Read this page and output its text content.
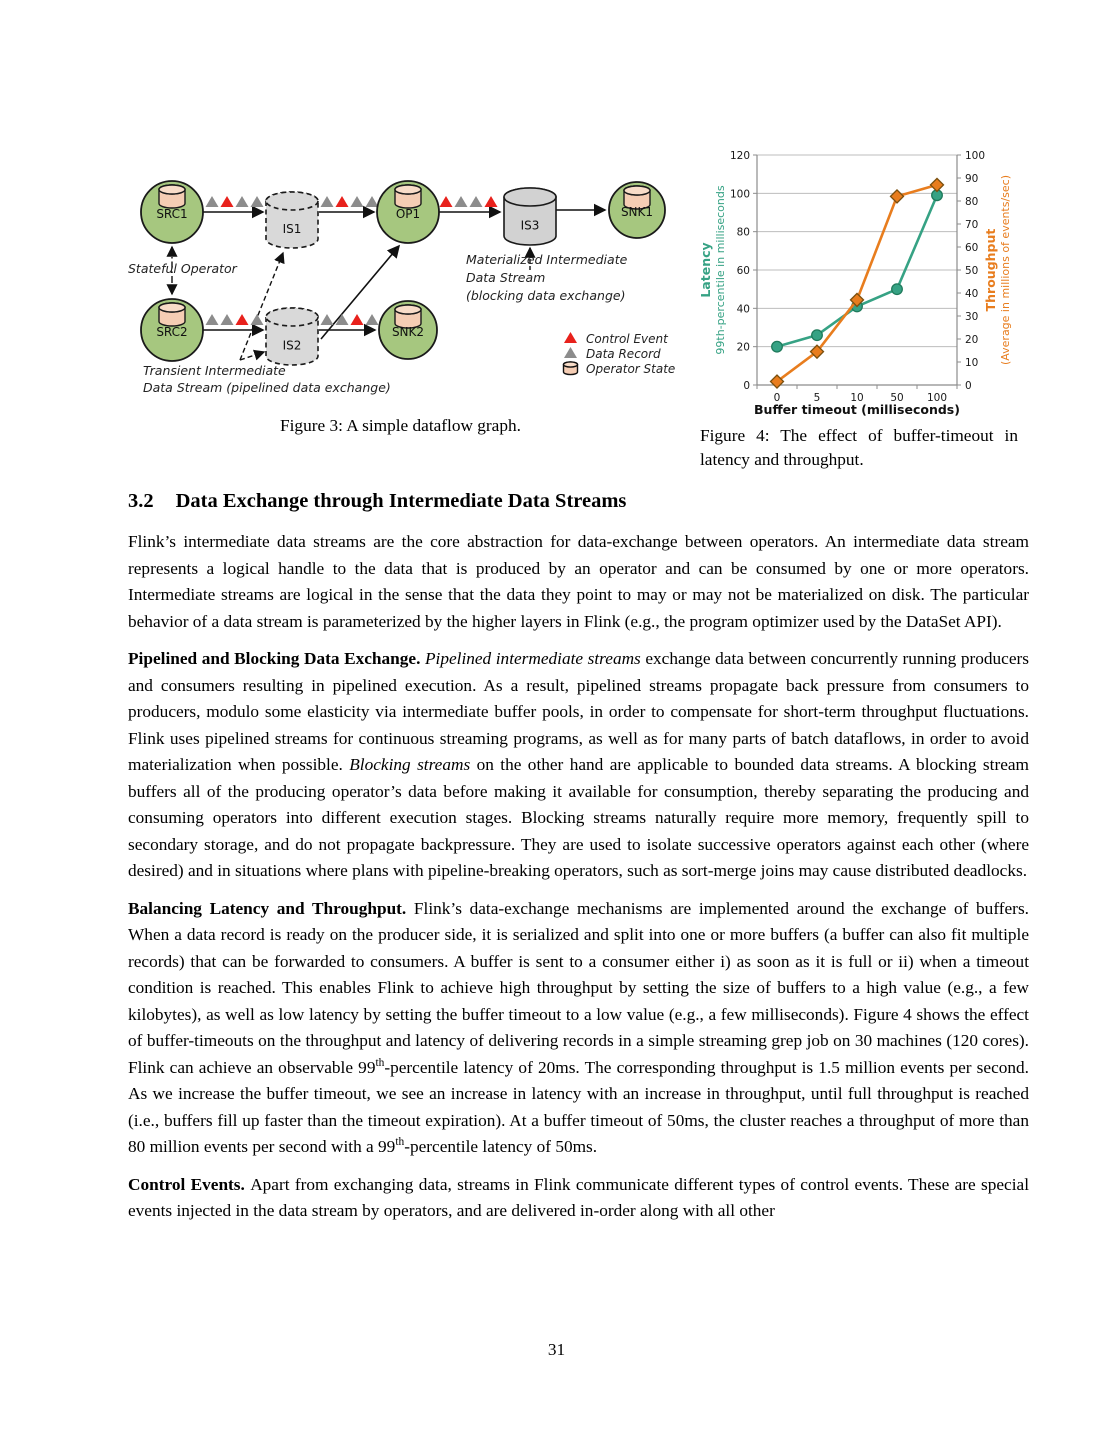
SRC1
IS1
OP1
IS3
SNK1
SRC2
IS2
SNK2
Stateful Operator
Transient Intermediate
Data Stream (pipelined data exchange)
Materialized Intermediate
Data Stream
(blocking data exchange)
Control Event
Data Record
Operator State
0
20
40
60
80
100
120
0
10
20
30
40
50
60
70
80
90
100
0	5	10	50 100
Latency 99th-percentile in milliseconds	Throughput (Average in millions of events/sec)
Buffer timeout (milliseconds)
Figure 3: A simple dataflow graph.
Figure 4: The effect of buffer-timeout in latency and throughput.
3.2 Data Exchange through Intermediate Data Streams

Flink’s intermediate data streams are the core abstraction for data-exchange between operators. An intermediate data stream represents a logical handle to the data that is produced by an operator and can be consumed by one or more operators. Intermediate streams are logical in the sense that the data they point to may or may not be materialized on disk. The particular behavior of a data stream is parameterized by the higher layers in Flink (e.g., the program optimizer used by the DataSet API).

Pipelined and Blocking Data Exchange. Pipelined intermediate streams exchange data between concurrently running producers and consumers resulting in pipelined execution. As a result, pipelined streams propagate back pressure from consumers to producers, modulo some elasticity via intermediate buffer pools, in order to compensate for short-term throughput fluctuations. Flink uses pipelined streams for continuous streaming programs, as well as for many parts of batch dataflows, in order to avoid materialization when possible. Blocking streams on the other hand are applicable to bounded data streams. A blocking stream buffers all of the producing operator’s data before making it available for consumption, thereby separating the producing and consuming operators into different execution stages. Blocking streams naturally require more memory, frequently spill to secondary storage, and do not propagate backpressure. They are used to isolate successive operators against each other (where desired) and in situations where plans with pipeline-breaking operators, such as sort-merge joins may cause distributed deadlocks.

Balancing Latency and Throughput. Flink’s data-exchange mechanisms are implemented around the exchange of buffers. When a data record is ready on the producer side, it is serialized and split into one or more buffers (a buffer can also fit multiple records) that can be forwarded to consumers. A buffer is sent to a consumer either i) as soon as it is full or ii) when a timeout condition is reached. This enables Flink to achieve high throughput by setting the size of buffers to a high value (e.g., a few kilobytes), as well as low latency by setting the buffer timeout to a low value (e.g., a few milliseconds). Figure 4 shows the effect of buffer-timeouts on the throughput and latency of delivering records in a simple streaming grep job on 30 machines (120 cores). Flink can achieve an observable 99th-percentile latency of 20ms. The corresponding throughput is 1.5 million events per second. As we increase the buffer timeout, we see an increase in latency with an increase in throughput, until full throughput is reached (i.e., buffers fill up faster than the timeout expiration). At a buffer timeout of 50ms, the cluster reaches a throughput of more than 80 million events per second with a 99th-percentile latency of 50ms.

Control Events. Apart from exchanging data, streams in Flink communicate different types of control events. These are special events injected in the data stream by operators, and are delivered in-order along with all other

31
